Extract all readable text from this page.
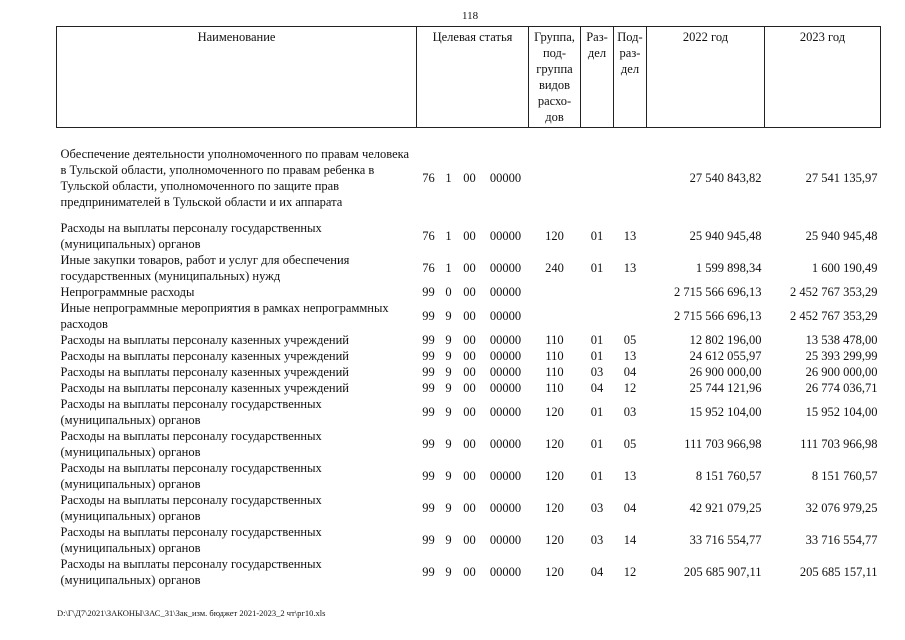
118
Наименование	Целевая статья				Группа, под-группа видов расхо-дов	Раз-дел	Под-раз-дел	2022 год	2023 год

Обеспечение деятельности уполномоченного по правам человека в Тульской области, уполномоченного по правам ребенка в Тульской области, уполномоченного по защите прав предпринимателей в Тульской области и их аппарата	76	1	00	00000				27 540 843,82	27 541 135,97

Расходы на выплаты персоналу государственных (муниципальных) органов	76	1	00	00000	120	01	13	25 940 945,48	25 940 945,48
Иные закупки товаров, работ и услуг для обеспечения государственных (муниципальных) нужд	76	1	00	00000	240	01	13	1 599 898,34	1 600 190,49
Непрограммные расходы	99	0	00	00000				2 715 566 696,13	2 452 767 353,29
Иные непрограммные мероприятия в рамках непрограммных расходов	99	9	00	00000				2 715 566 696,13	2 452 767 353,29
Расходы на выплаты персоналу казенных учреждений	99	9	00	00000	110	01	05	12 802 196,00	13 538 478,00
Расходы на выплаты персоналу казенных учреждений	99	9	00	00000	110	01	13	24 612 055,97	25 393 299,99
Расходы на выплаты персоналу казенных учреждений	99	9	00	00000	110	03	04	26 900 000,00	26 900 000,00
Расходы на выплаты персоналу казенных учреждений	99	9	00	00000	110	04	12	25 744 121,96	26 774 036,71
Расходы на выплаты персоналу государственных (муниципальных) органов	99	9	00	00000	120	01	03	15 952 104,00	15 952 104,00
Расходы на выплаты персоналу государственных (муниципальных) органов	99	9	00	00000	120	01	05	111 703 966,98	111 703 966,98
Расходы на выплаты персоналу государственных (муниципальных) органов	99	9	00	00000	120	01	13	8 151 760,57	8 151 760,57
Расходы на выплаты персоналу государственных (муниципальных) органов	99	9	00	00000	120	03	04	42 921 079,25	32 076 979,25
Расходы на выплаты персоналу государственных (муниципальных) органов	99	9	00	00000	120	03	14	33 716 554,77	33 716 554,77
Расходы на выплаты персоналу государственных (муниципальных) органов	99	9	00	00000	120	04	12	205 685 907,11	205 685 157,11
D:\Г\Д7\2021\ЗАКОНЫ\ЗАС_31\Зак_изм. бюджет 2021-2023_2 чт\рг10.xls
